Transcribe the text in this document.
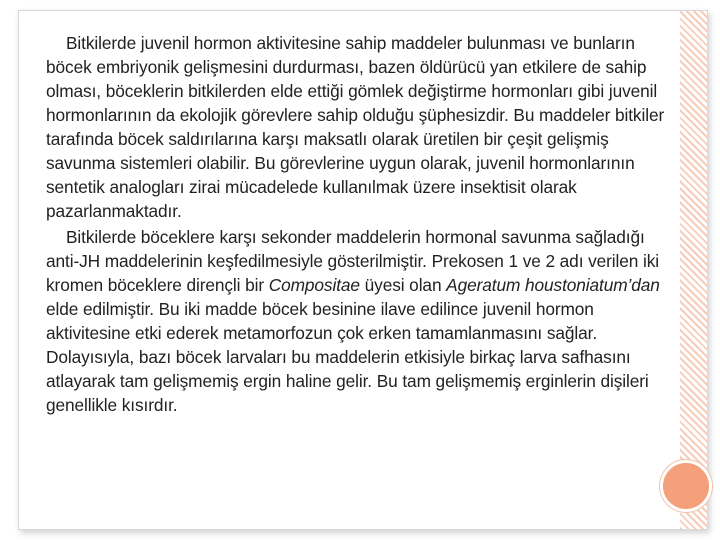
Bitkilerde juvenil hormon aktivitesine sahip maddeler bulunması ve bunların böcek embriyonik gelişmesini durdurması, bazen öldürücü yan etkilere de sahip olması, böceklerin bitkilerden elde ettiği gömlek değiştirme hormonları gibi juvenil hormonlarının da ekolojik görevlere sahip olduğu şüphesizdir. Bu maddeler bitkiler tarafında böcek saldırılarına karşı maksatlı olarak üretilen bir çeşit gelişmiş savunma sistemleri olabilir. Bu görevlerine uygun olarak, juvenil hormonlarının sentetik analogları zirai mücadelede kullanılmak üzere insektisit olarak pazarlanmaktadır.

Bitkilerde böceklere karşı sekonder maddelerin hormonal savunma sağladığı anti-JH maddelerinin keşfedilmesiyle gösterilmiştir. Prekosen 1 ve 2 adı verilen iki kromen böceklere dirençli bir Compositae üyesi olan Ageratum houstoniatum’dan elde edilmiştir. Bu iki madde böcek besinine ilave edilince juvenil hormon aktivitesine etki ederek metamorfozun çok erken tamamlanmasını sağlar. Dolayısıyla, bazı böcek larvaları bu maddelerin etkisiyle birkaç larva safhasını atlayarak tam gelişmemiş ergin haline gelir. Bu tam gelişmemiş erginlerin dişileri genellikle kısırdır.
